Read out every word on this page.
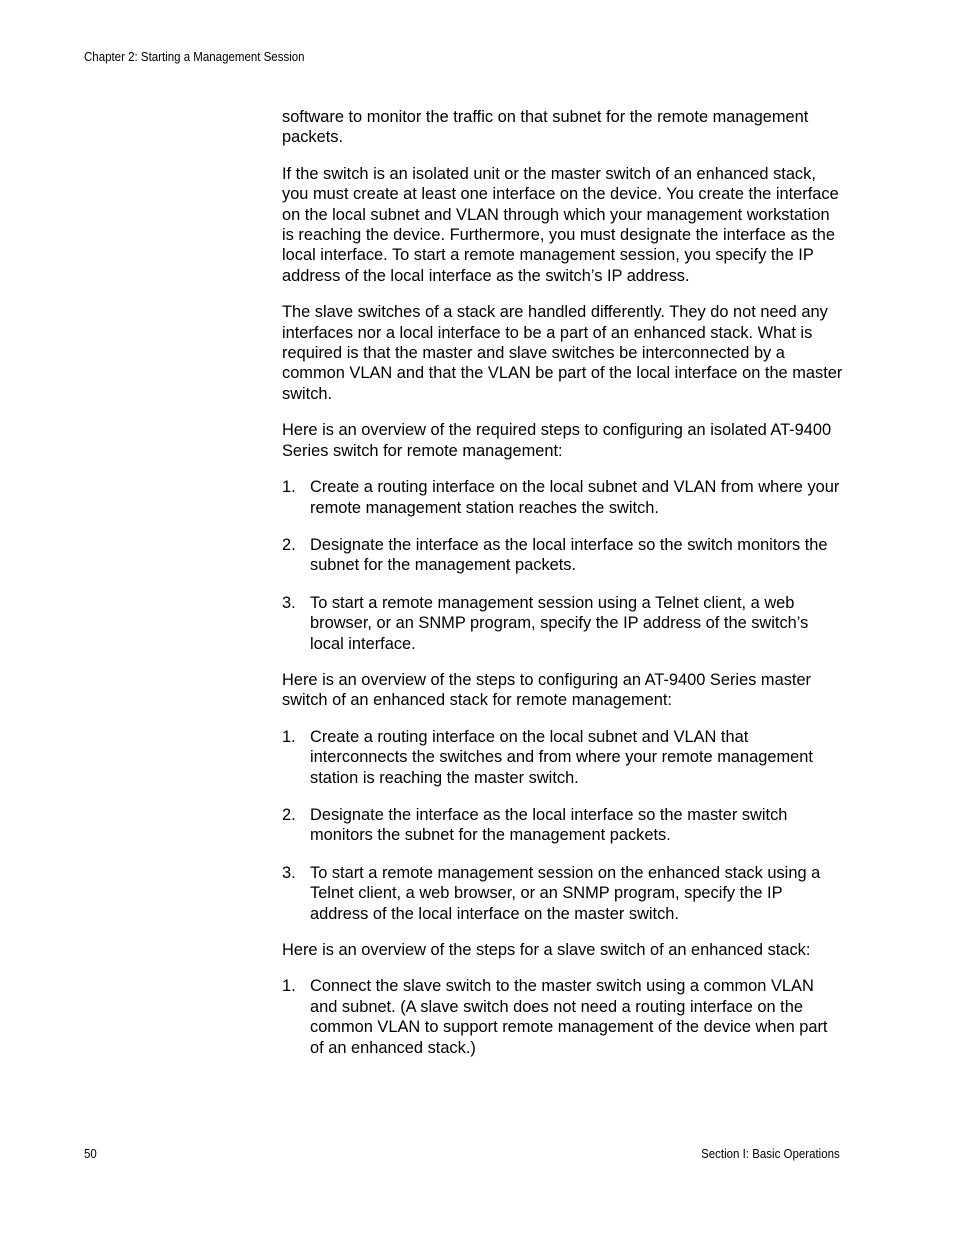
Chapter 2: Starting a Management Session

software to monitor the traffic on that subnet for the remote management packets.

If the switch is an isolated unit or the master switch of an enhanced stack, you must create at least one interface on the device. You create the interface on the local subnet and VLAN through which your management workstation is reaching the device. Furthermore, you must designate the interface as the local interface. To start a remote management session, you specify the IP address of the local interface as the switch’s IP address.

The slave switches of a stack are handled differently. They do not need any interfaces nor a local interface to be a part of an enhanced stack. What is required is that the master and slave switches be interconnected by a common VLAN and that the VLAN be part of the local interface on the master switch.

Here is an overview of the required steps to configuring an isolated AT-9400 Series switch for remote management:

1. Create a routing interface on the local subnet and VLAN from where your remote management station reaches the switch.
2. Designate the interface as the local interface so the switch monitors the subnet for the management packets.
3. To start a remote management session using a Telnet client, a web browser, or an SNMP program, specify the IP address of the switch’s local interface.

Here is an overview of the steps to configuring an AT-9400 Series master switch of an enhanced stack for remote management:

1. Create a routing interface on the local subnet and VLAN that interconnects the switches and from where your remote management station is reaching the master switch.
2. Designate the interface as the local interface so the master switch monitors the subnet for the management packets.
3. To start a remote management session on the enhanced stack using a Telnet client, a web browser, or an SNMP program, specify the IP address of the local interface on the master switch.

Here is an overview of the steps for a slave switch of an enhanced stack:

1. Connect the slave switch to the master switch using a common VLAN and subnet. (A slave switch does not need a routing interface on the common VLAN to support remote management of the device when part of an enhanced stack.)
50	Section I: Basic Operations
